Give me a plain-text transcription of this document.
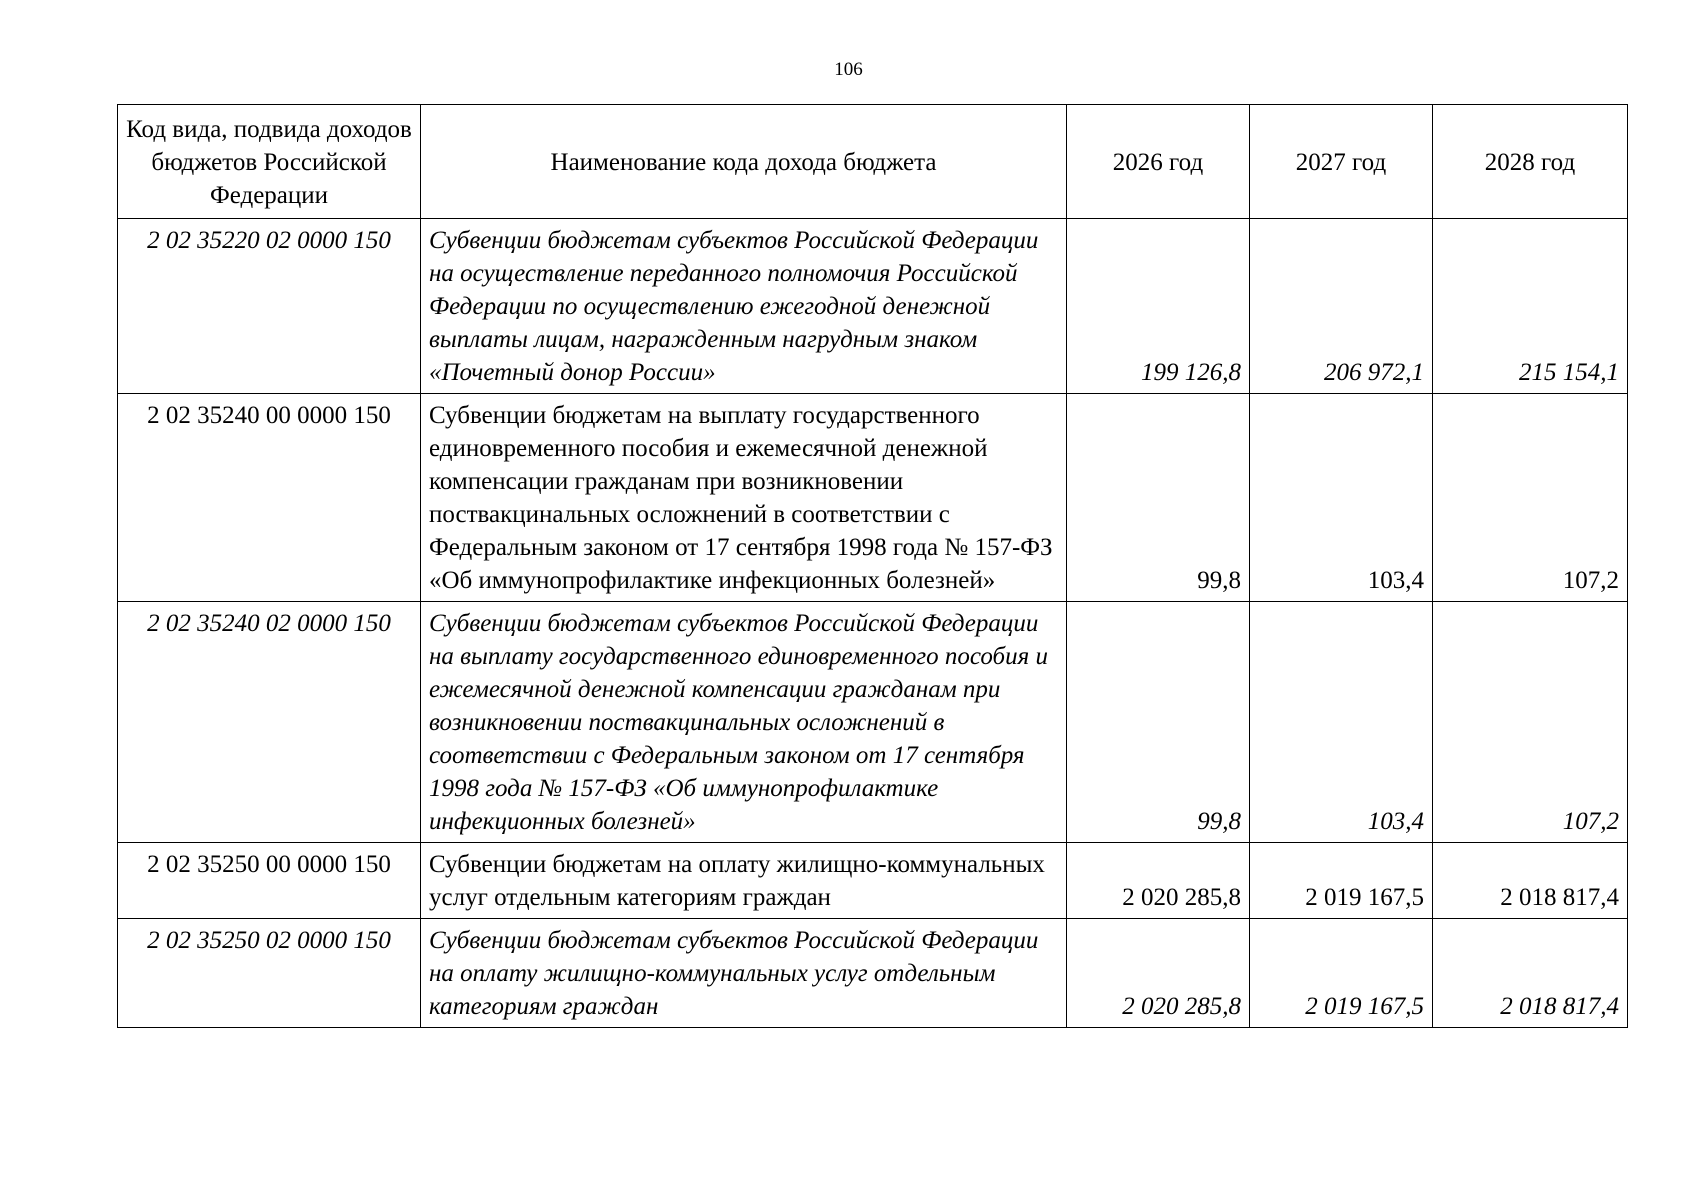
106
Код вида, подвида доходов бюджетов Российской Федерации	Наименование кода дохода бюджета	2026 год	2027 год	2028 год
2 02 35220 02 0000 150	Субвенции бюджетам субъектов Российской Федерации на осуществление переданного полномочия Российской Федерации по осуществлению ежегодной денежной выплаты лицам, награжденным нагрудным знаком «Почетный донор России»	199 126,8	206 972,1	215 154,1
2 02 35240 00 0000 150	Субвенции бюджетам на выплату государственного единовременного пособия и ежемесячной денежной компенсации гражданам при возникновении поствакцинальных осложнений в соответствии с Федеральным законом от 17 сентября 1998 года № 157-ФЗ «Об иммунопрофилактике инфекционных болезней»	99,8	103,4	107,2
2 02 35240 02 0000 150	Субвенции бюджетам субъектов Российской Федерации на выплату государственного единовременного пособия и ежемесячной денежной компенсации гражданам при возникновении поствакцинальных осложнений в соответствии с Федеральным законом от 17 сентября 1998 года № 157-ФЗ «Об иммунопрофилактике инфекционных болезней»	99,8	103,4	107,2
2 02 35250 00 0000 150	Субвенции бюджетам на оплату жилищно-коммунальных услуг отдельным категориям граждан	2 020 285,8	2 019 167,5	2 018 817,4
2 02 35250 02 0000 150	Субвенции бюджетам субъектов Российской Федерации на оплату жилищно-коммунальных услуг отдельным категориям граждан	2 020 285,8	2 019 167,5	2 018 817,4
